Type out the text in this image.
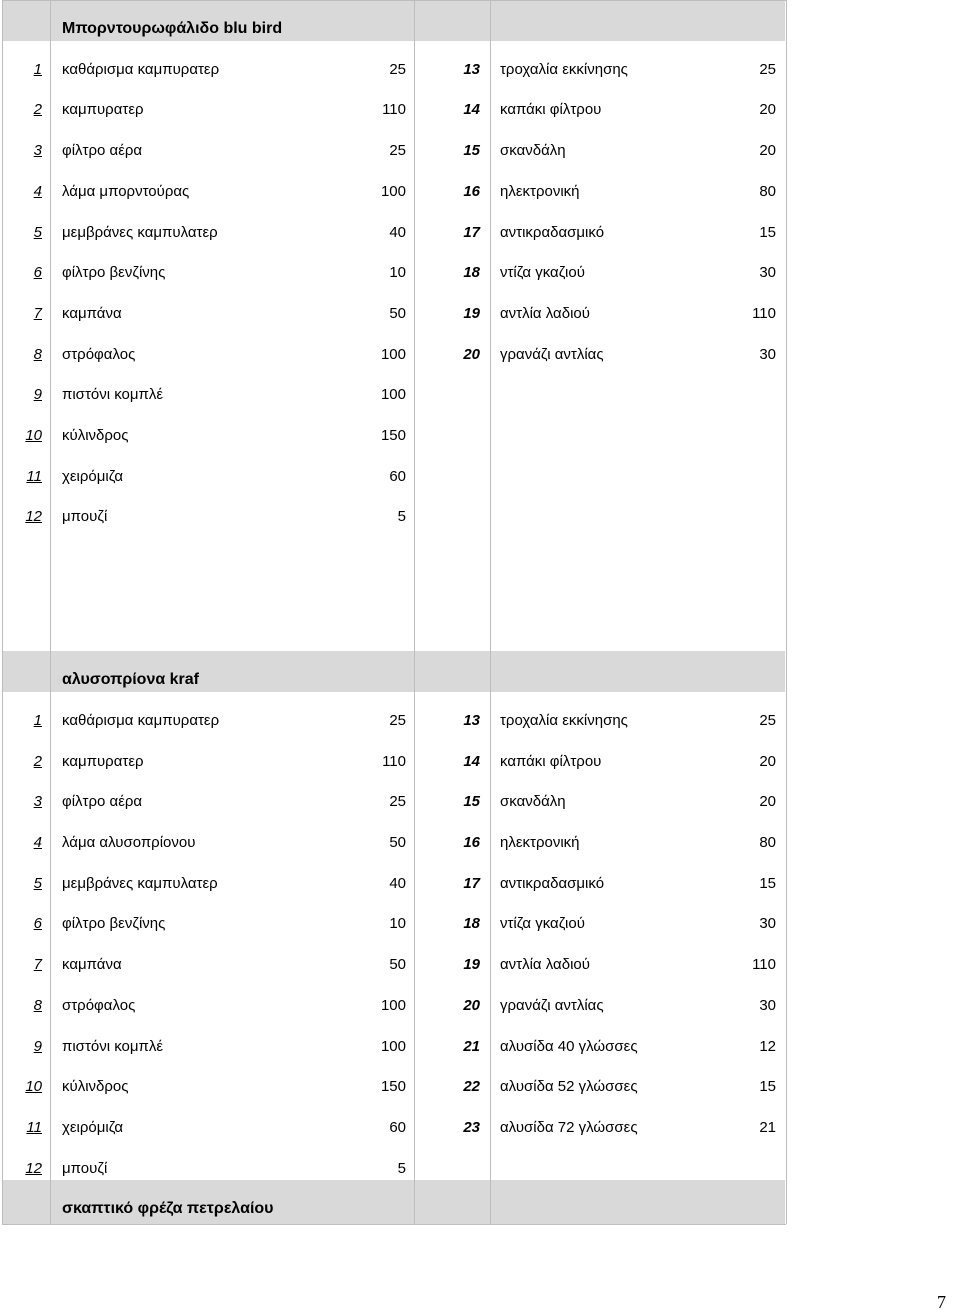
Μπορντουρωφάλιδο blu bird
1 καθάρισμα καμπυρατερ	25
2 καμπυρατερ	110
3 φίλτρο αέρα	25
4 λάμα μπορντούρας	100
5 μεμβράνες καμπυλατερ	40
6 φίλτρο βενζίνης	10
7 καμπάνα	50
8 στρόφαλος	100
9 πιστόνι κομπλέ	100
10 κύλινδρος	150
11 χειρόμιζα	60
12 μπουζί	5
13 τροχαλία εκκίνησης	25
14 καπάκι φίλτρου	20
15 σκανδάλη	20
16 ηλεκτρονική	80
17 αντικραδασμικό	15
18 ντίζα γκαζιού	30
19 αντλία λαδιού	110
20 γρανάζι αντλίας	30
αλυσοπρίονα kraf
1 καθάρισμα καμπυρατερ	25
2 καμπυρατερ	110
3 φίλτρο αέρα	25
4 λάμα αλυσοπρίονου	50
5 μεμβράνες καμπυλατερ	40
6 φίλτρο βενζίνης	10
7 καμπάνα	50
8 στρόφαλος	100
9 πιστόνι κομπλέ	100
10 κύλινδρος	150
11 χειρόμιζα	60
12 μπουζί	5
13 τροχαλία εκκίνησης	25
14 καπάκι φίλτρου	20
15 σκανδάλη	20
16 ηλεκτρονική	80
17 αντικραδασμικό	15
18 ντίζα γκαζιού	30
19 αντλία λαδιού	110
20 γρανάζι αντλίας	30
21 αλυσίδα 40 γλώσσες	12
22 αλυσίδα 52 γλώσσες	15
23 αλυσίδα 72 γλώσσες	21
σκαπτικό φρέζα πετρελαίου
7
